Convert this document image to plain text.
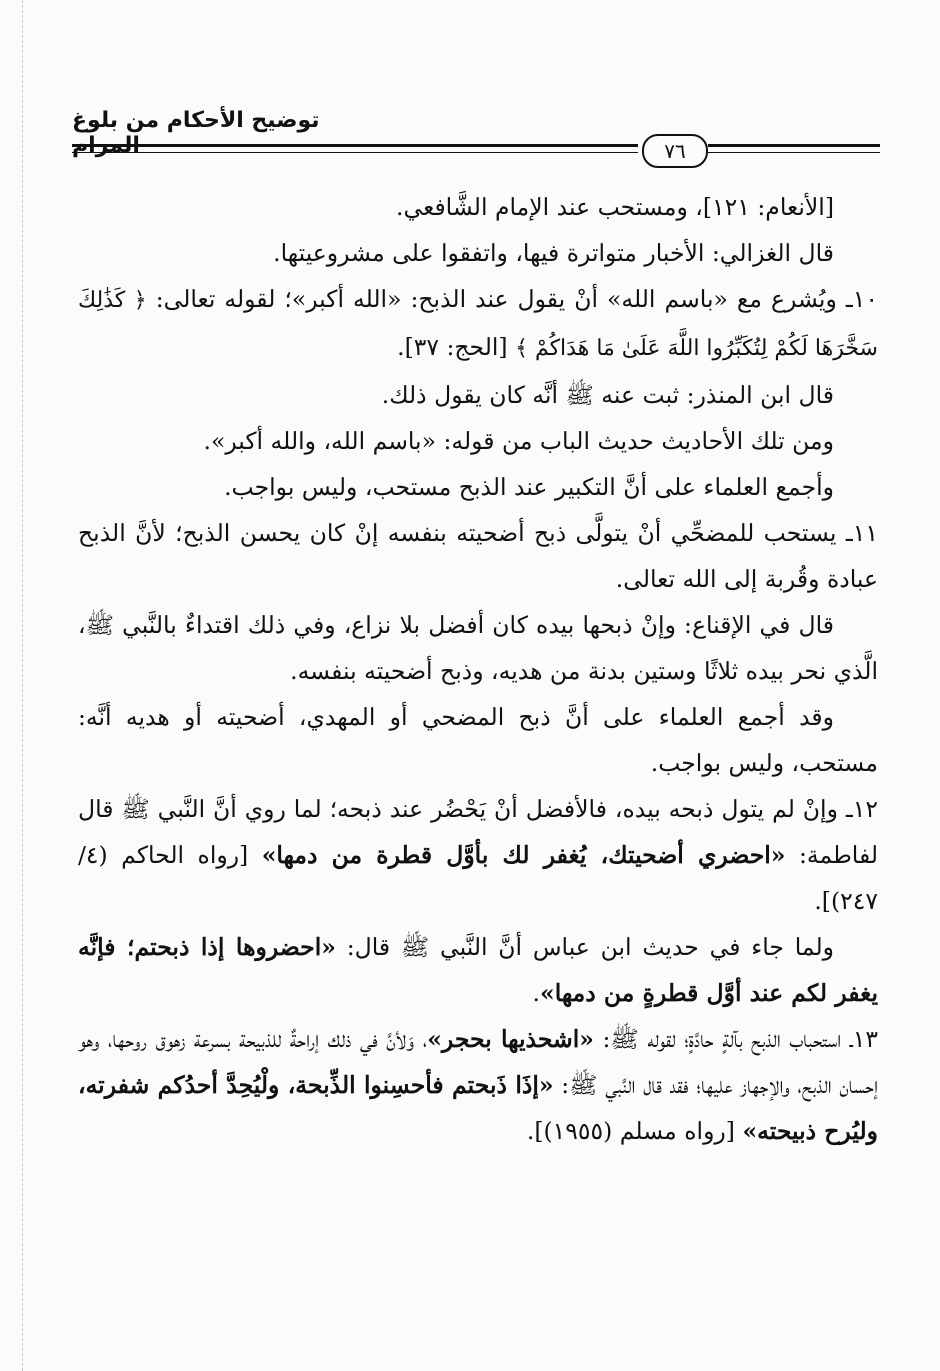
توضيح الأحكام من بلوغ المرام	٧٦

[الأنعام: ١٢١]، ومستحب عند الإمام الشَّافعي.

قال الغزالي: الأخبار متواترة فيها، واتفقوا على مشروعيتها.

١٠ـ ويُشرع مع «باسم الله» أنْ يقول عند الذبح: «الله أكبر»؛ لقوله تعالى: ﴿ كَذَٰلِكَ سَخَّرَهَا لَكُمْ لِتُكَبِّرُوا اللَّهَ عَلَىٰ مَا هَدَاكُمْ ﴾ [الحج: ٣٧].

قال ابن المنذر: ثبت عنه ﷺ أنَّه كان يقول ذلك.

ومن تلك الأحاديث حديث الباب من قوله: «باسم الله، والله أكبر».

وأجمع العلماء على أنَّ التكبير عند الذبح مستحب، وليس بواجب.

١١ـ يستحب للمضحِّي أنْ يتولَّى ذبح أضحيته بنفسه إنْ كان يحسن الذبح؛ لأنَّ الذبح عبادة وقُربة إلى الله تعالى.

قال في الإقناع: وإنْ ذبحها بيده كان أفضل بلا نزاع، وفي ذلك اقتداءٌ بالنَّبي ﷺ، الَّذي نحر بيده ثلاثًا وستين بدنة من هديه، وذبح أضحيته بنفسه.

وقد أجمع العلماء على أنَّ ذبح المضحي أو المهدي، أضحيته أو هديه أنَّه: مستحب، وليس بواجب.

١٢ـ وإنْ لم يتول ذبحه بيده، فالأفضل أنْ يَحْضُر عند ذبحه؛ لما روي أنَّ النَّبي ﷺ قال لفاطمة: «احضري أضحيتك، يُغفر لك بأوَّل قطرة من دمها» [رواه الحاكم (٤/ ٢٤٧)].

ولما جاء في حديث ابن عباس أنَّ النَّبي ﷺ قال: «احضروها إذا ذبحتم؛ فإنَّه يغفر لكم عند أوَّل قطرةٍ من دمها».

١٣ـ استحباب الذبح بآلةٍ حادَّةٍ؛ لقوله ﷺ: «اشحذيها بحجر»، وَلأنَّ في ذلك إراحةٌ للذبيحة بسرعة زهوق روحها، وهو إحسان الذبح، والإجهاز عليها؛ فقد قال النَّبي ﷺ: «إذَا ذَبحتم فأحسِنوا الذِّبحة، ولْيُحِدَّ أحدُكم شفرته، وليُرح ذبيحته» [رواه مسلم (١٩٥٥)].
